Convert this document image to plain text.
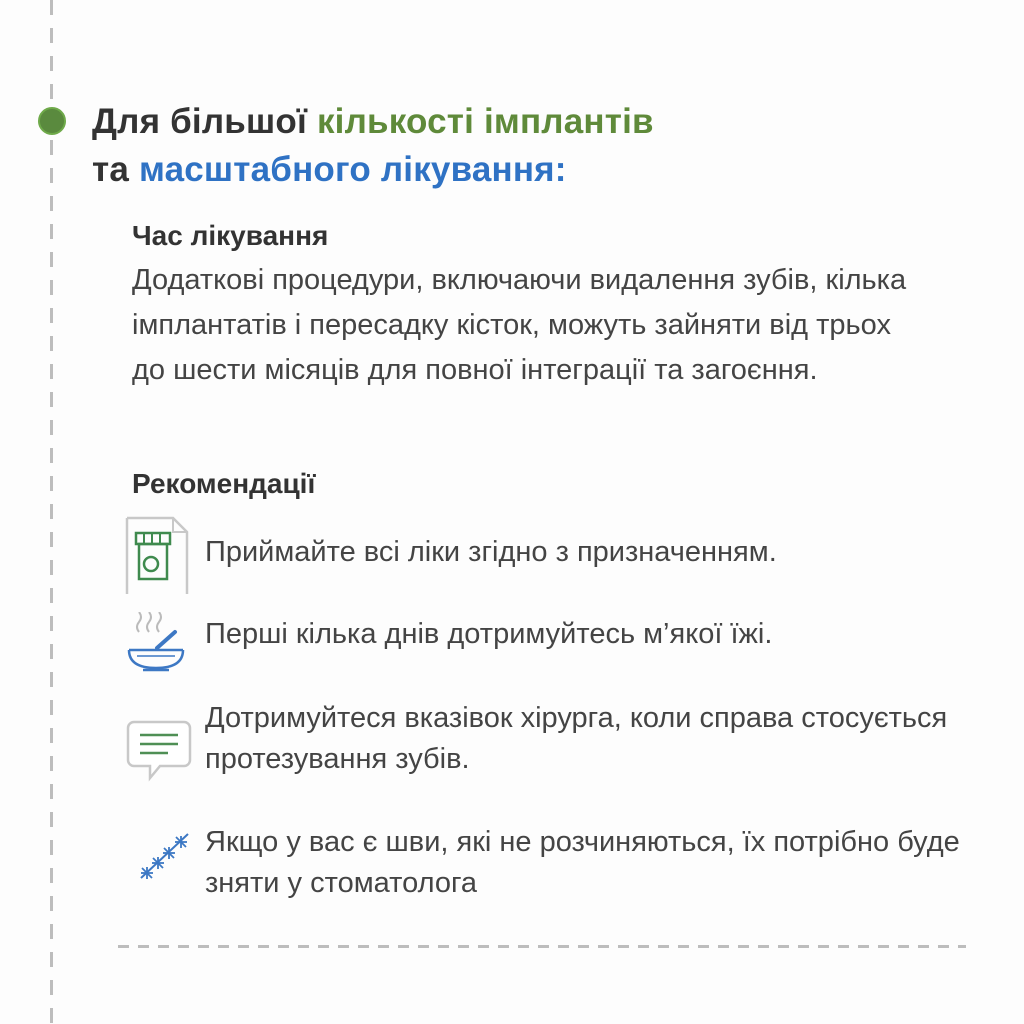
Для більшої кількості імплантів
та масштабного лікування:
Час лікування

Додаткові процедури, включаючи видалення зубів, кілька імплантатів і пересадку кісток, можуть зайняти від трьох до шести місяців для повної інтеграції та загоєння.

Рекомендації

Приймайте всі ліки згідно з призначенням.

Перші кілька днів дотримуйтесь м’якої їжі.

Дотримуйтеся вказівок хірурга, коли справа стосується протезування зубів.

Якщо у вас є шви, які не розчиняються, їх потрібно буде зняти у стоматолога
